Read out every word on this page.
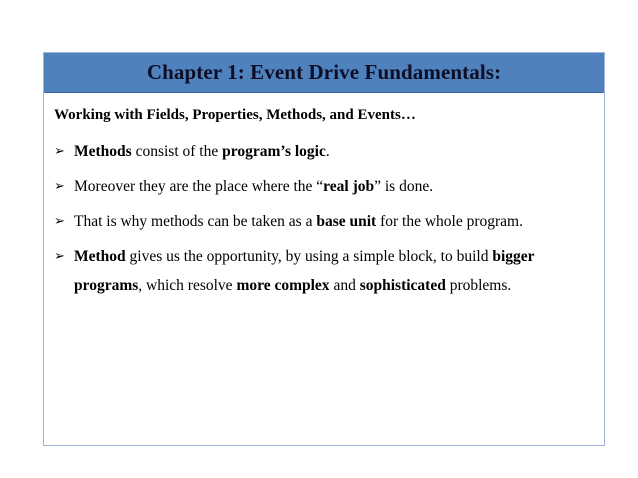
Chapter 1: Event Drive Fundamentals:
Working with Fields, Properties, Methods, and Events…
➢ Methods consist of the program’s logic.
➢ Moreover they are the place where the “real job” is done.
➢ That is why methods can be taken as a base unit for the whole program.
➢ Method gives us the opportunity, by using a simple block, to build bigger programs, which resolve more complex and sophisticated problems.
